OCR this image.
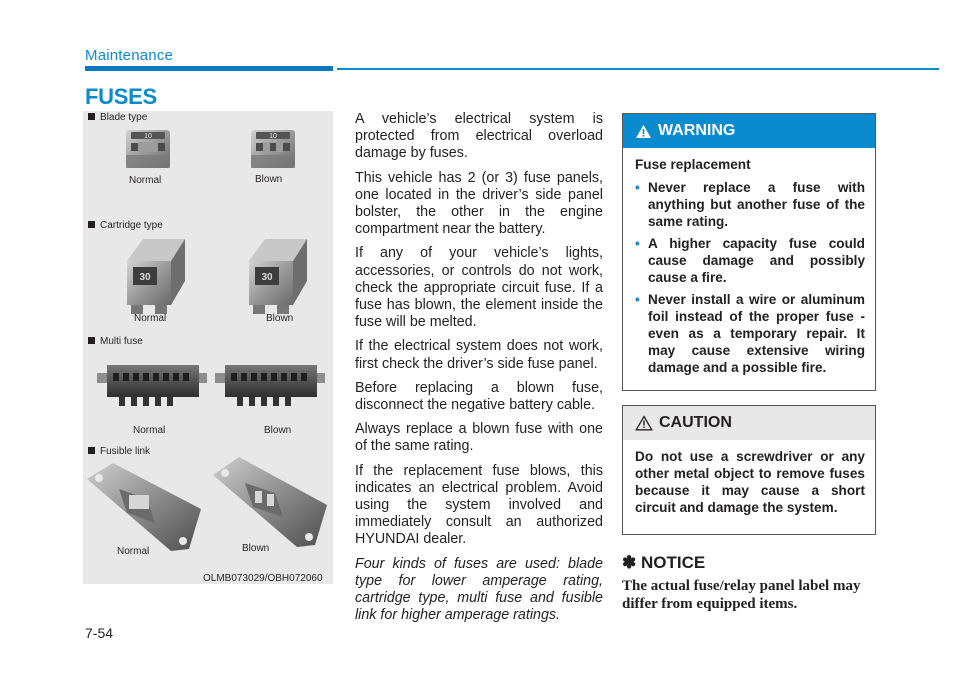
Maintenance
FUSES
10	10
30	30
Blade type
Normal	Blown
Cartridge type
Normal	Blown
Multi fuse
Normal	Blown
Fusible link
Normal	Blown
OLMB073029/OBH072060

A vehicle’s electrical system is protected from electrical overload damage by fuses.

This vehicle has 2 (or 3) fuse panels, one located in the driver’s side panel bolster, the other in the engine compartment near the battery.

If any of your vehicle’s lights, accessories, or controls do not work, check the appropriate circuit fuse. If a fuse has blown, the element inside the fuse will be melted.

If the electrical system does not work, first check the driver’s side fuse panel.

Before replacing a blown fuse, disconnect the negative battery cable.

Always replace a blown fuse with one of the same rating.

If the replacement fuse blows, this indicates an electrical problem. Avoid using the system involved and immediately consult an authorized HYUNDAI dealer.

Four kinds of fuses are used: blade type for lower amperage rating, cartridge type, multi fuse and fusible link for higher amperage ratings.

WARNING
Fuse replacement
• Never replace a fuse with anything but another fuse of the same rating.
• A higher capacity fuse could cause damage and possibly cause a fire.
• Never install a wire or aluminum foil instead of the proper fuse - even as a temporary repair. It may cause extensive wiring damage and a possible fire.
CAUTION
Do not use a screwdriver or any other metal object to remove fuses because it may cause a short circuit and damage the system.
✽ NOTICE
The actual fuse/relay panel label may differ from equipped items.
7-54
